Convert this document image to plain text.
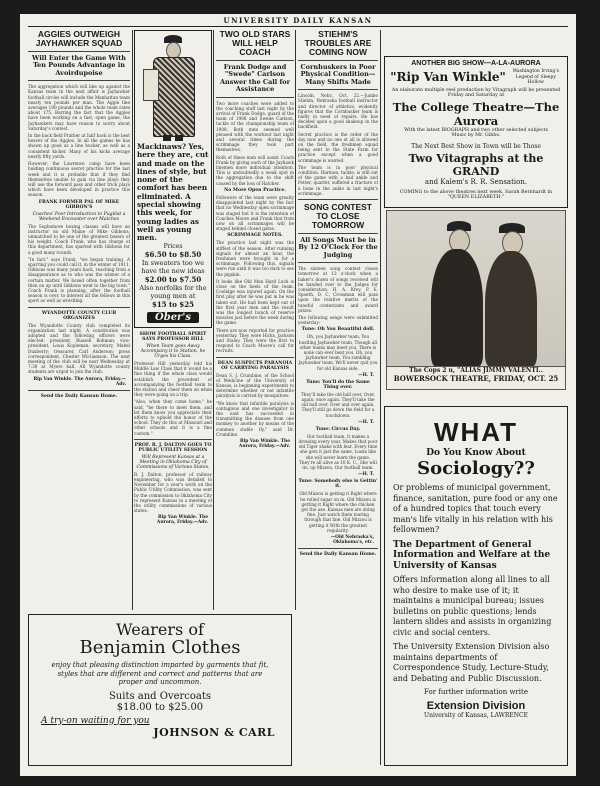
UNIVERSITY DAILY KANSAN
AGGIES OUTWEIGH JAYHAWKER SQUAD
Will Enter the Game With Ten Pounds Advantage in Avoirdupoise

The aggregation which will line up against the Kansas team in the next affair is Jayhawker football circles will include the Manhattan team nearly ten pounds per man. The Aggie line averages 190 pounds and the whole team rates about 175. Barring the fact that the Aggies have been working on a fast, open game, the Jayhawkers may have reason to worry about Saturday's contest.

In the back field Prather at half back is the best heaver of the Aggies. In all the games he has shown up good as a line bucker, as well as a consistent kicker. Many of his kicks average nearly fifty yards.

However, the Lawrence camp have been holding continuous secret practice for the last week and it is probable that if they find themselves unable to gain via line plays they will use the forward pass and other trick plays which have been developed in practice this season.

FRANK FORMER PAL OF MIKE GIBBON'S
Coaches' Poor Introduction to Pugilist a Weekend Encounter over Matches

The Sophomore boxing classes will have an instructor on old Maine of Mike Gibbons, unmatched to be one of the greatest boxers of his weight. Coach Frank, who has charge of this department, has sparred with Gibbons for a good many rounds.

"In fact," says Frank, "we began training. A sparring you could call it, in the winter of 1911. Gibbons was many years back, reaching from a disappearance as to who was the winner of a certain matter. We boxed often together from then on up until Gibbons went to the big town." Coach Frank is planning, after the football season is over, to interest all the fellows in this sport as well as wrestling.

WYANDOTTE COUNTY CLUB ORGANIZES

The Wyandotte County club completed its organization last night. A constitution was adopted and the following officers were elected: president, Russell Bohman; vice-president, Louis Kopleman; secretary, Mabel Duxberry; treasurer, Carl Anderson; press correspondent, Chester Wil-liamson. The next meeting of the club will be next Wednesday at 7:30 at Myers hall. All Wyandotte county students are urged to join the club.

Rip Van Winkle. The Aurora, Friday.—Adv.
Send the Daily Kansan Home.
Mackinaws? Yes, here they are, cut and made on the lines of style, but none of the comfort has been eliminated. A special showing this week, for young ladies as well as young men.
Prices
$6.50 to $8.50
In sweaters too we have the new ideas
$2.00 to $7.50
Also norfolks for the young men at
$15 to $25
Ober's
SHOW FOOTBALL SPIRIT SAYS PROFESSOR HILL
When Team goes Away Accompany it to Station, he Urges his Class.

Professor Hill yesterday told his Middle Law Class that it would be a fine thing if the whole class would establish the precedent of accompanying the football team to the station and cheer them on when they were going on a trip.

"Also, when they come home," he said, "be there to meet them, and let them know you appreciate their efforts to uphold the honor of the school. They do this at Missouri and other schools and it is a fine custom."

PROF. R. J. DALTON GOES TO PUBLIC UTILITY SESSION
Will Represent Kansas at a Meeting in Oklahoma City of Commissions of Various States.

R. J. Dalton, professor of railway engineering, who was detailed to November for a year's work on the Public Utility Commission, was sent by the commission to Oklahoma City to represent Kansas in a meeting of the utility commissions of various states.

Rip Van Winkle. The Aurora, Friday.—Adv.
TWO OLD STARS WILL HELP COACH
Frank Dodge and "Swede" Carlson Answer the Call for Assistance

Two more coaches were added to the coaching staff last night by the arrival of Frank Dodge, guard of the team of 1908 and Swede Carlson, tackle of the championship team of 1908. Both men seemed well pleased with the workout last night and several times during the scrimmage they took part themselves.

Both of these men will assist Coach Frank by giving each of the Jayhawk linemen more individual attention. This is undoubtedly a weak spot in the aggregation due to the shift caused by the loss of Hatcher.

No More Open Practice.

Followers of the team were greatly disappointed last night by the fact that no Wednesday open scrimmage was staged but it is the intention of Coaches Moore and Frank that from now on all scrimmages will be staged behind closed gates.

SCRIMMAGE NOTES.

The practice last night was the stiffest of the season. After running signals for almost an hour, the freshmen were brought in for a scrimmage. Following this, signals were run until it was too dark to see the pigskin.

It looks like Old Man Hard Luck is close on the heels of the team. Coolidge was injured again. On the first play after he was put in he was taken out. He had been kept out of the first year men and the result was the longest bunch of reserve muscles just before the week during the game.

There are now reported for practice yesterday. They were Hicks, Jackson and Staley. They were the first to respond to Coach Moore's call for recruits.

DEAN SUSPECTS PARANOIA OF CARRYING PARALYSIS

Dean S. J. Crumbine, of the School of Medicine of the University of Kansas, is beginning experiments to determine whether or not infantile paralysis is carried by mosquitoes.

"We know that infantile paralysis is contagious and one investigator in the east has succeeded in transmitting the disease from one monkey to another by means of the common stable fly," said Dr. Crumbine.

Rip Van Winkle. The Aurora, Friday.—Adv.
STIEHM'S TROUBLES ARE COMING NOW
Cornhuskers in Poor Physical Condition—Many Shifts Made

Lincoln, Nebr., Oct. 22.—Jumbo Stiehm, Nebraska football instructor and director of athletics, evidently figures that the Cornhusker team is badly in need of repairs. He has decided upon a good shakeup in the backfield.

Secret practice is the order of the day now and no one at all is allowed on the field, the freshmen squad being sent to the State Farm for practice except when a good scrimmage is wanted.

The team is in poor physical condition. Harmon, tackle, is still out of the game with a bad ankle and Potter, quarter, suffered a fracture of a bone in the ankle in last night's scrimmage.

SONG CONTEST TO CLOSE TOMORROW
All Songs Must be in By 12 O'Clock For the Judging

The sixteen song contest closes tomorrow at 12 o'clock when a baker's dozen of songs received will be handed over to the Judges for consideration. H. A. Krey, P. E. Spaeth, D. C. Crossman will pass upon the relative merits of the tuneful contestants and award prizes.

The following songs were submitted yesterday:

Tune: Oh You Beautiful doll.

Oh, you Jayhawker team, You bustling Jayhawker team, Though all other teams may meet you, There is none can ever beat you. Oh, you Jayhawker team, You rambling Jayhawker team, We'll never quit you for old Kansas side.

—H. T.
Tune: You'll do the Same Thing over.

They'll take the old ball over, Over, again, once again. They'll take the old ball over, Over and over again. They'll still go down the field for a touchdown.

—H. T.
Tune: Circus Day.

Our football team, It makes a dressing every year, Makes that poor old Tiger shake with fear. Every time she gets it just the same, Looks like she will never learn the game. They're all alive as 10 K. U., She will do, up Mizzou. Our football team.

—H. T.
Tune: Somebody else is Gettin' it.

Old Mizzou is getting it Right where he rolled sugar on in. Old Mizzou is getting it Right where the chicken got the axe. Kansas men are doing fine. Just watch them tearing through that line. Old Mizzou is getting it With the greatest regularity.

—Old Nebraska's, Oklahoma's, etc.
Send the Daily Kansan Home.
Wearers of
Benjamin Clothes
enjoy that pleasing distinction imparted by garments that fit, styles that are different and correct and patterns that are proper and uncommon.
Suits and Overcoats
$18.00 to $25.00
A try-on waiting for you
JOHNSON & CARL
ANOTHER BIG SHOW—A-LA-AURORA
"Rip Van Winkle"	Washington Irving's Legend of Sleepy Hollow
An elaborate multiple reel production by Vitagraph will be presented Friday and Saturday at
The College Theatre—The Aurora
With the latest BIOGRAPH and two other selected subjects
Music by Mr. Gibbs.
The Next Best Show in Town will be Those
Two Vitagraphs at the GRAND
and Kalem's R. R. Sensation.
COMING to the above theatres next week, Sarah Bernhardt in "QUEEN ELIZABETH."
The Cops 2 u, "ALIAS JIMMY VALENTI..
BOWERSOCK THEATRE, FRIDAY, OCT. 25
WHAT
Do You Know About
Sociology??
Or problems of municipal government, finance, sanitation, pure food or any one of a hundred topics that touch every man's life vitally in his relation with his fellowmen?
The Department of General Information and Welfare at the University of Kansas
Offers information along all lines to all who desire to make use of it; it maintains a municipal bureau; issues bulletins on public questions; lends lantern slides and assists in organizing civic and social centers.
The University Extension Division also maintains departments of Correspondence Study, Lecture-Study, and Debating and Public Discussion.
For further information write
Extension Division
University of Kansas, LAWRENCE
